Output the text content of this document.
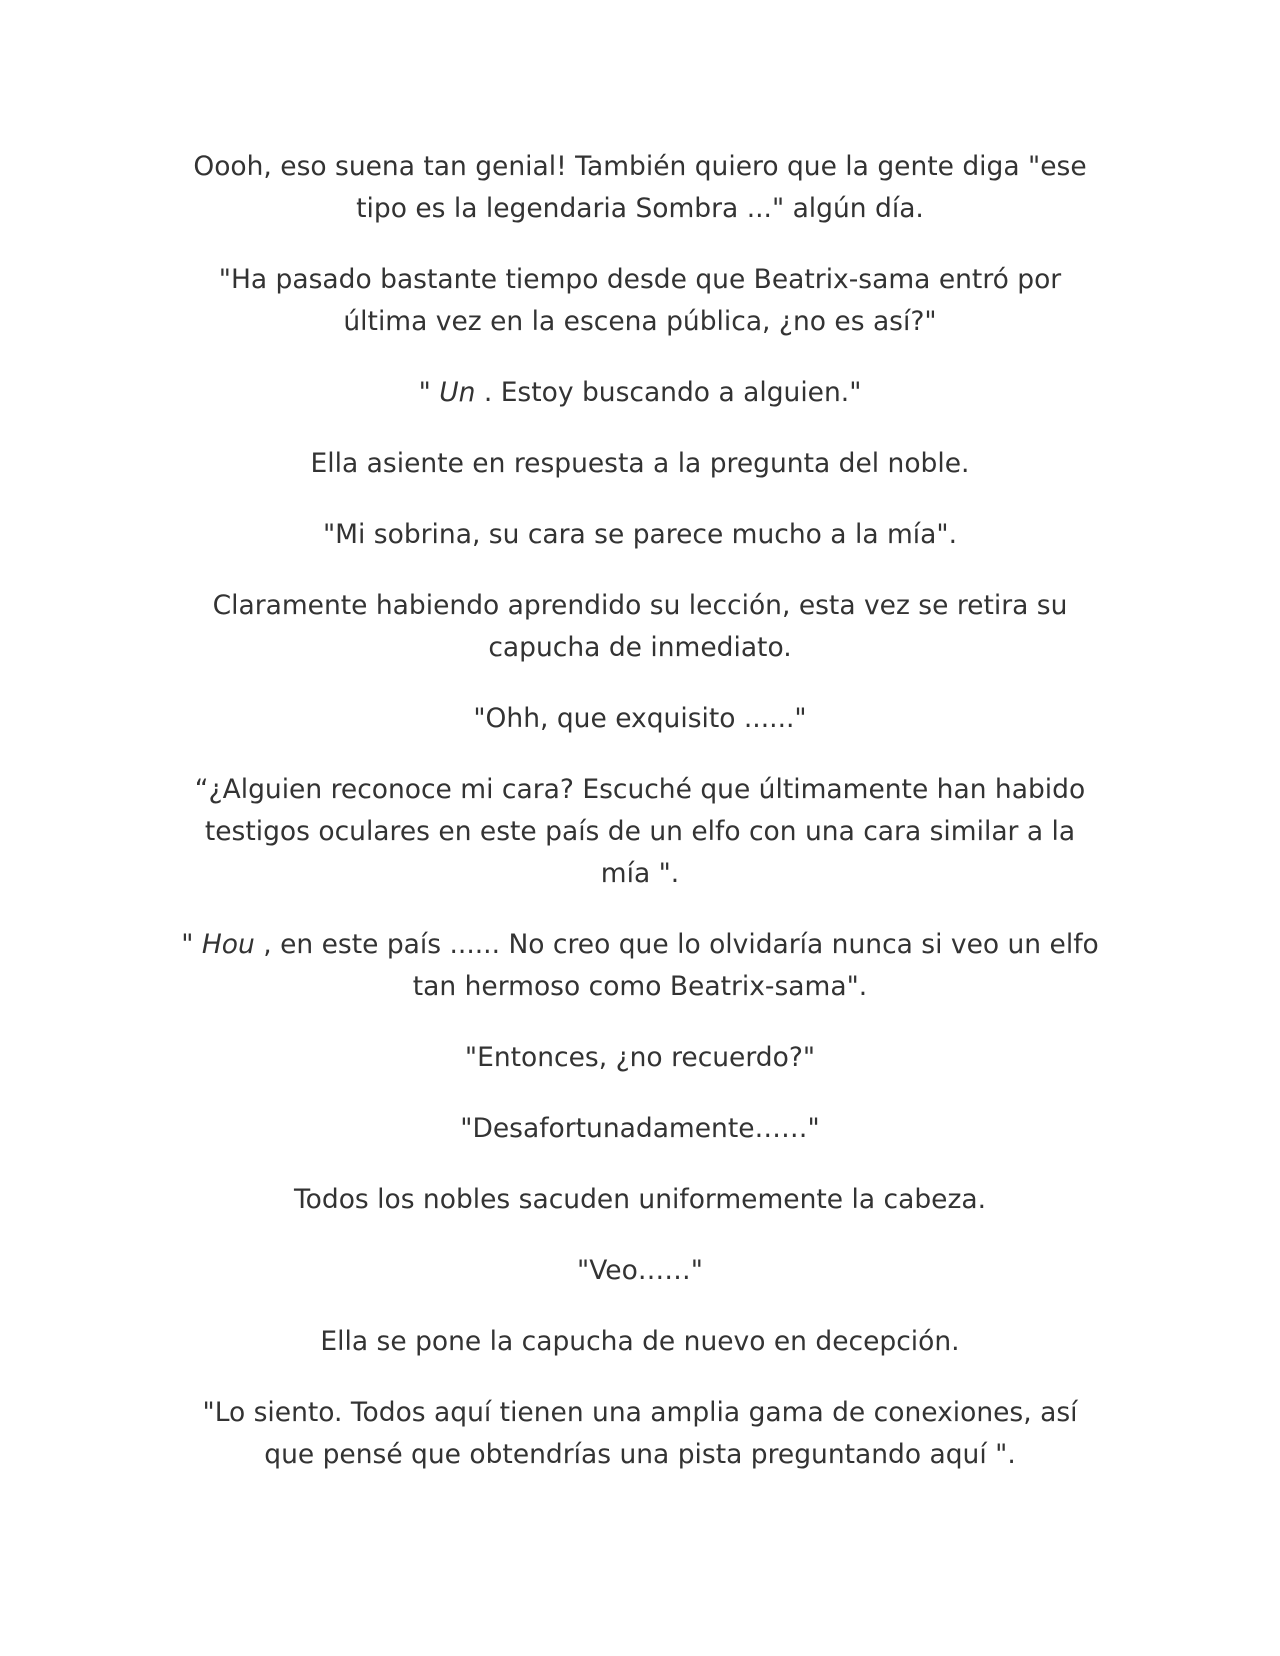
Oooh, eso suena tan genial! También quiero que la gente diga "ese tipo es la legendaria Sombra ..." algún día.

"Ha pasado bastante tiempo desde que Beatrix-sama entró por última vez en la escena pública, ¿no es así?"

" Un . Estoy buscando a alguien."

Ella asiente en respuesta a la pregunta del noble.

"Mi sobrina, su cara se parece mucho a la mía".

Claramente habiendo aprendido su lección, esta vez se retira su capucha de inmediato.

"Ohh, que exquisito ......"

“¿Alguien reconoce mi cara? Escuché que últimamente han habido testigos oculares en este país de un elfo con una cara similar a la mía ".

" Hou , en este país ...... No creo que lo olvidaría nunca si veo un elfo tan hermoso como Beatrix-sama".

"Entonces, ¿no recuerdo?"

"Desafortunadamente……"

Todos los nobles sacuden uniformemente la cabeza.

"Veo……"

Ella se pone la capucha de nuevo en decepción.

"Lo siento. Todos aquí tienen una amplia gama de conexiones, así que pensé que obtendrías una pista preguntando aquí ".
